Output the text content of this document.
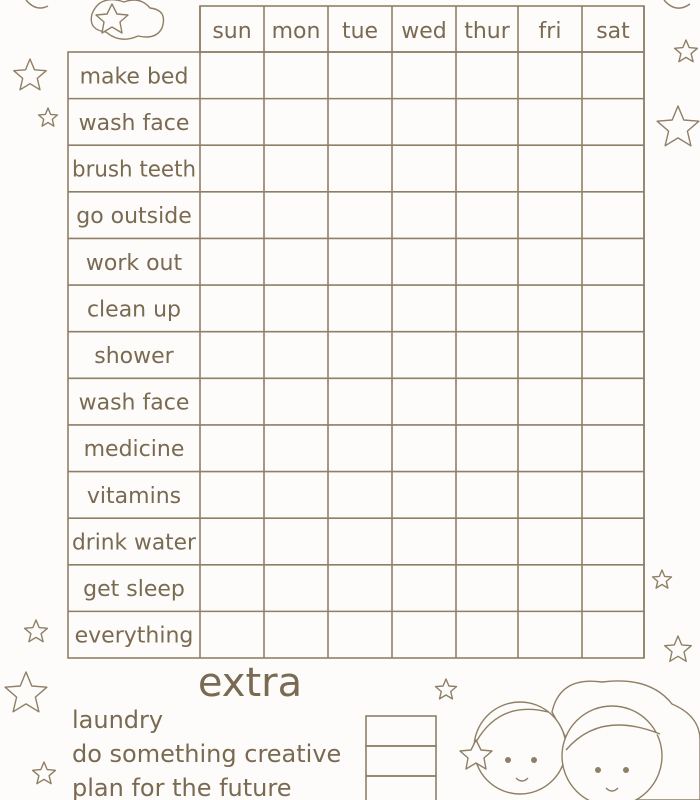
sun mon tue wed thur fri sat
make bed
wash face
brush teeth
go outside
work out
clean up
shower
wash face
medicine
vitamins
drink water
get sleep
everything
extra
laundry
do something creative
plan for the future
